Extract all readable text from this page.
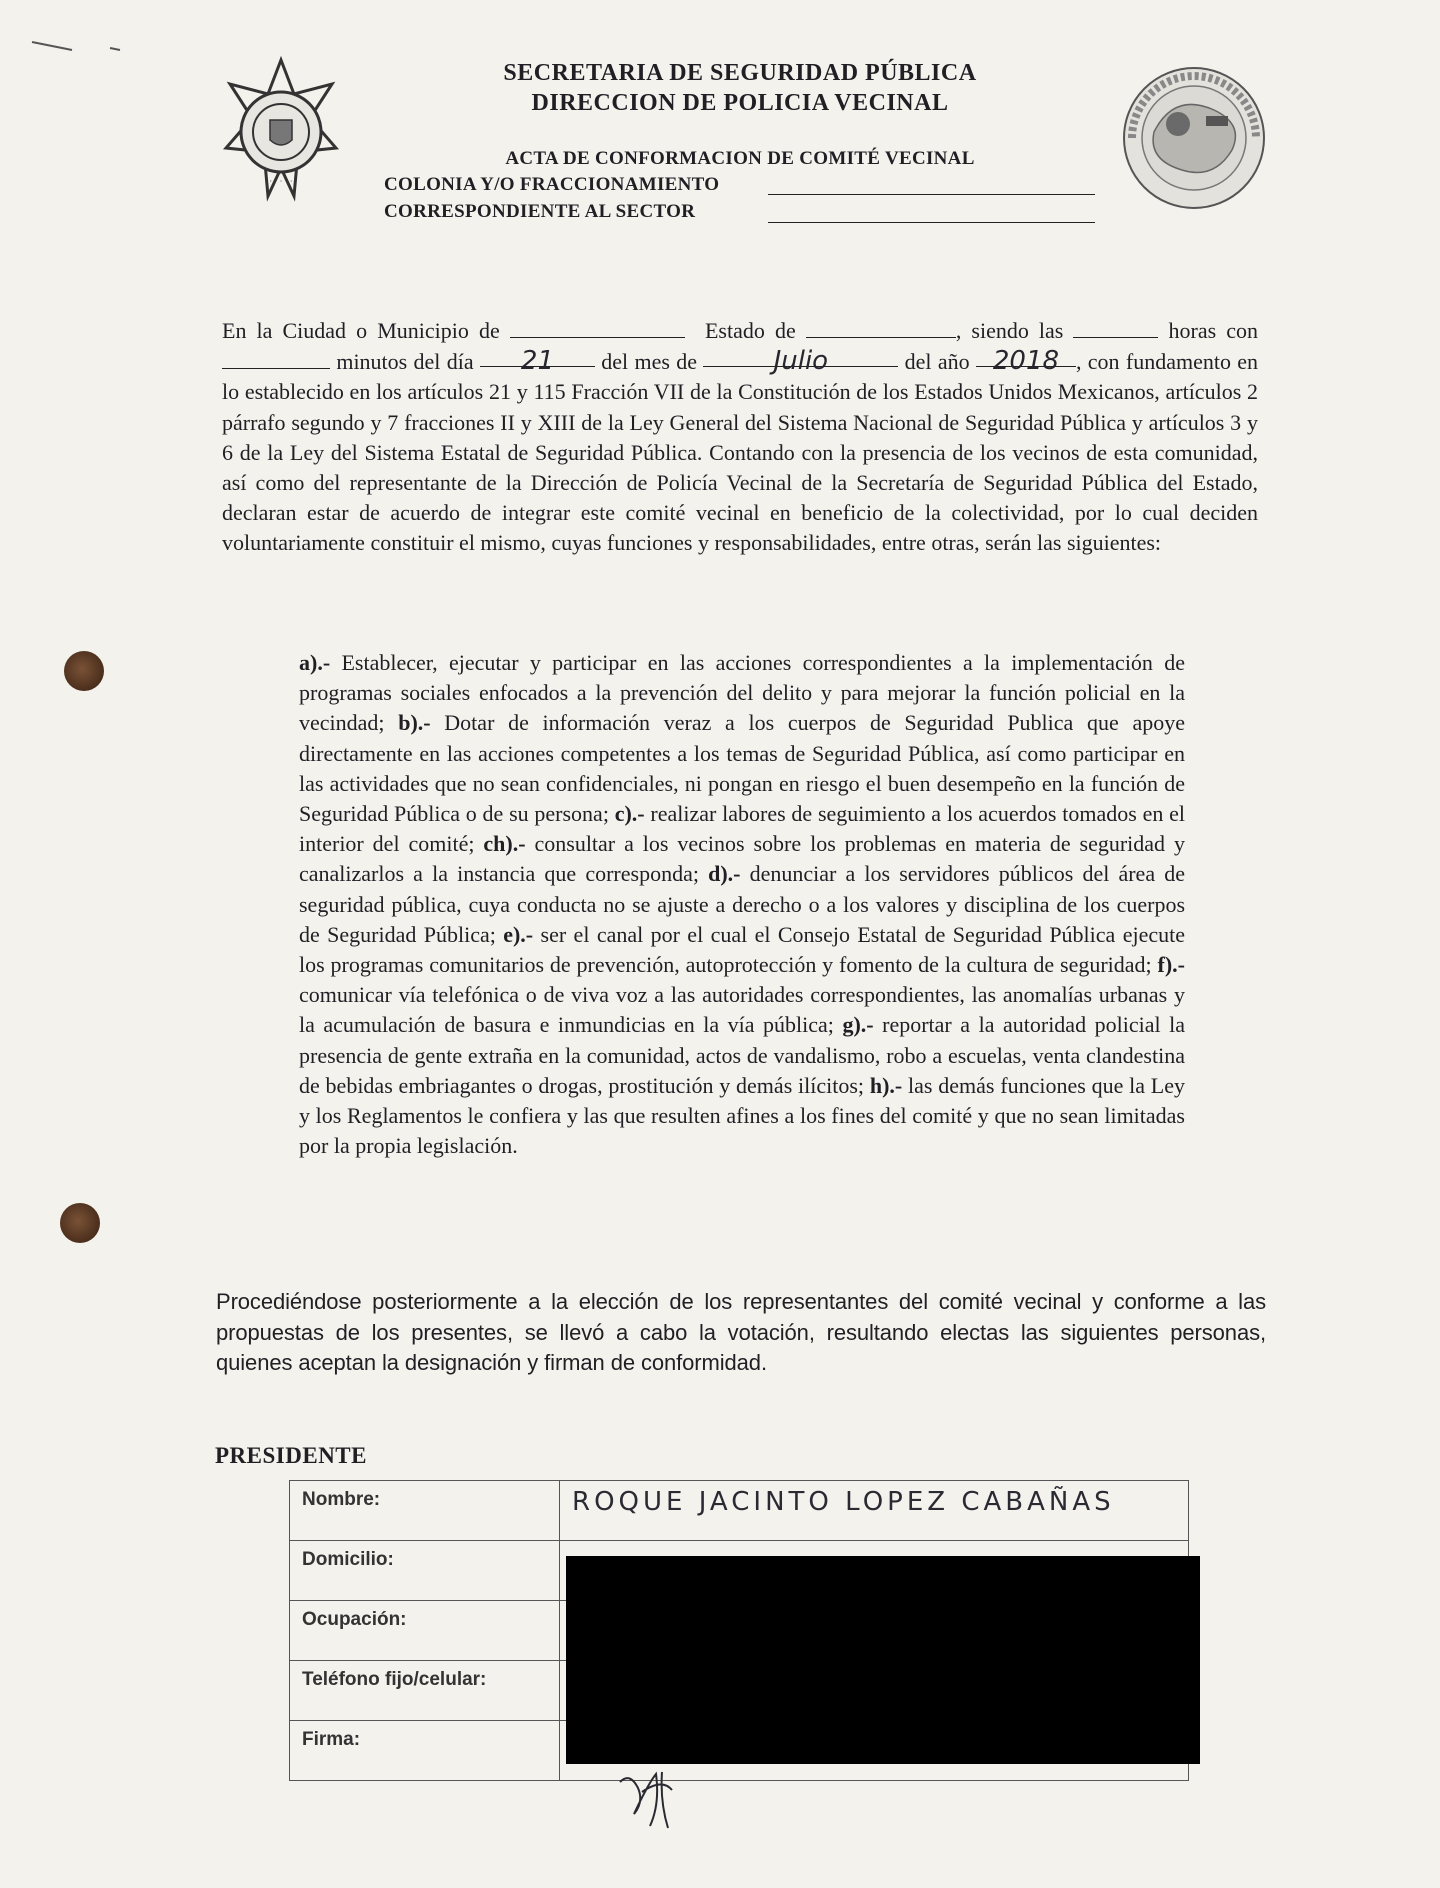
· · · · ·
SECRETARIA DE SEGURIDAD PÚBLICA
DIRECCION DE POLICIA VECINAL
ACTA DE CONFORMACION DE COMITÉ VECINAL
COLONIA Y/O FRACCIONAMIENTO
CORRESPONDIENTE AL SECTOR
En la Ciudad o Municipio de	Estado de	, siendo las	horas con  minutos del día 21 del mes de	Julio	del año 2018 , con fundamento en lo establecido en los artículos 21 y 115 Fracción VII de la Constitución de los Estados Unidos Mexicanos, artículos 2 párrafo segundo y 7 fracciones II y XIII de la Ley General del Sistema Nacional de Seguridad Pública y artículos 3 y 6 de la Ley del Sistema Estatal de Seguridad Pública. Contando con la presencia de los vecinos de esta comunidad, así como del representante de la Dirección de Policía Vecinal de la Secretaría de Seguridad Pública del Estado, declaran estar de acuerdo de integrar este comité vecinal en beneficio de la colectividad, por lo cual deciden voluntariamente constituir el mismo, cuyas funciones y responsabilidades, entre otras, serán las siguientes:
a).- Establecer, ejecutar y participar en las acciones correspondientes a la implementación de programas sociales enfocados a la prevención del delito y para mejorar la función policial en la vecindad; b).- Dotar de información veraz a los cuerpos de Seguridad Publica que apoye directamente en las acciones competentes a los temas de Seguridad Pública, así como participar en las actividades que no sean confidenciales, ni pongan en riesgo el buen desempeño en la función de Seguridad Pública o de su persona; c).- realizar labores de seguimiento a los acuerdos tomados en el interior del comité; ch).- consultar a los vecinos sobre los problemas en materia de seguridad y canalizarlos a la instancia que corresponda; d).- denunciar a los servidores públicos del área de seguridad pública, cuya conducta no se ajuste a derecho o a los valores y disciplina de los cuerpos de Seguridad Pública; e).- ser el canal por el cual el Consejo Estatal de Seguridad Pública ejecute los programas comunitarios de prevención, autoprotección y fomento de la cultura de seguridad; f).- comunicar vía telefónica o de viva voz a las autoridades correspondientes, las anomalías urbanas y la acumulación de basura e inmundicias en la vía pública; g).- reportar a la autoridad policial la presencia de gente extraña en la comunidad, actos de vandalismo, robo a escuelas, venta clandestina de bebidas embriagantes o drogas, prostitución y demás ilícitos; h).- las demás funciones que la Ley y los Reglamentos le confiera y las que resulten afines a los fines del comité y que no sean limitadas por la propia legislación.
Procediéndose posteriormente a la elección de los representantes del comité vecinal y conforme a las propuestas de los presentes, se llevó a cabo la votación, resultando electas las siguientes personas, quienes aceptan la designación y firman de conformidad.
PRESIDENTE
Nombre:	ROQUE JACINTO LOPEZ CABAÑAS
Domicilio:	
Ocupación:	
Teléfono fijo/celular:	
Firma:	
